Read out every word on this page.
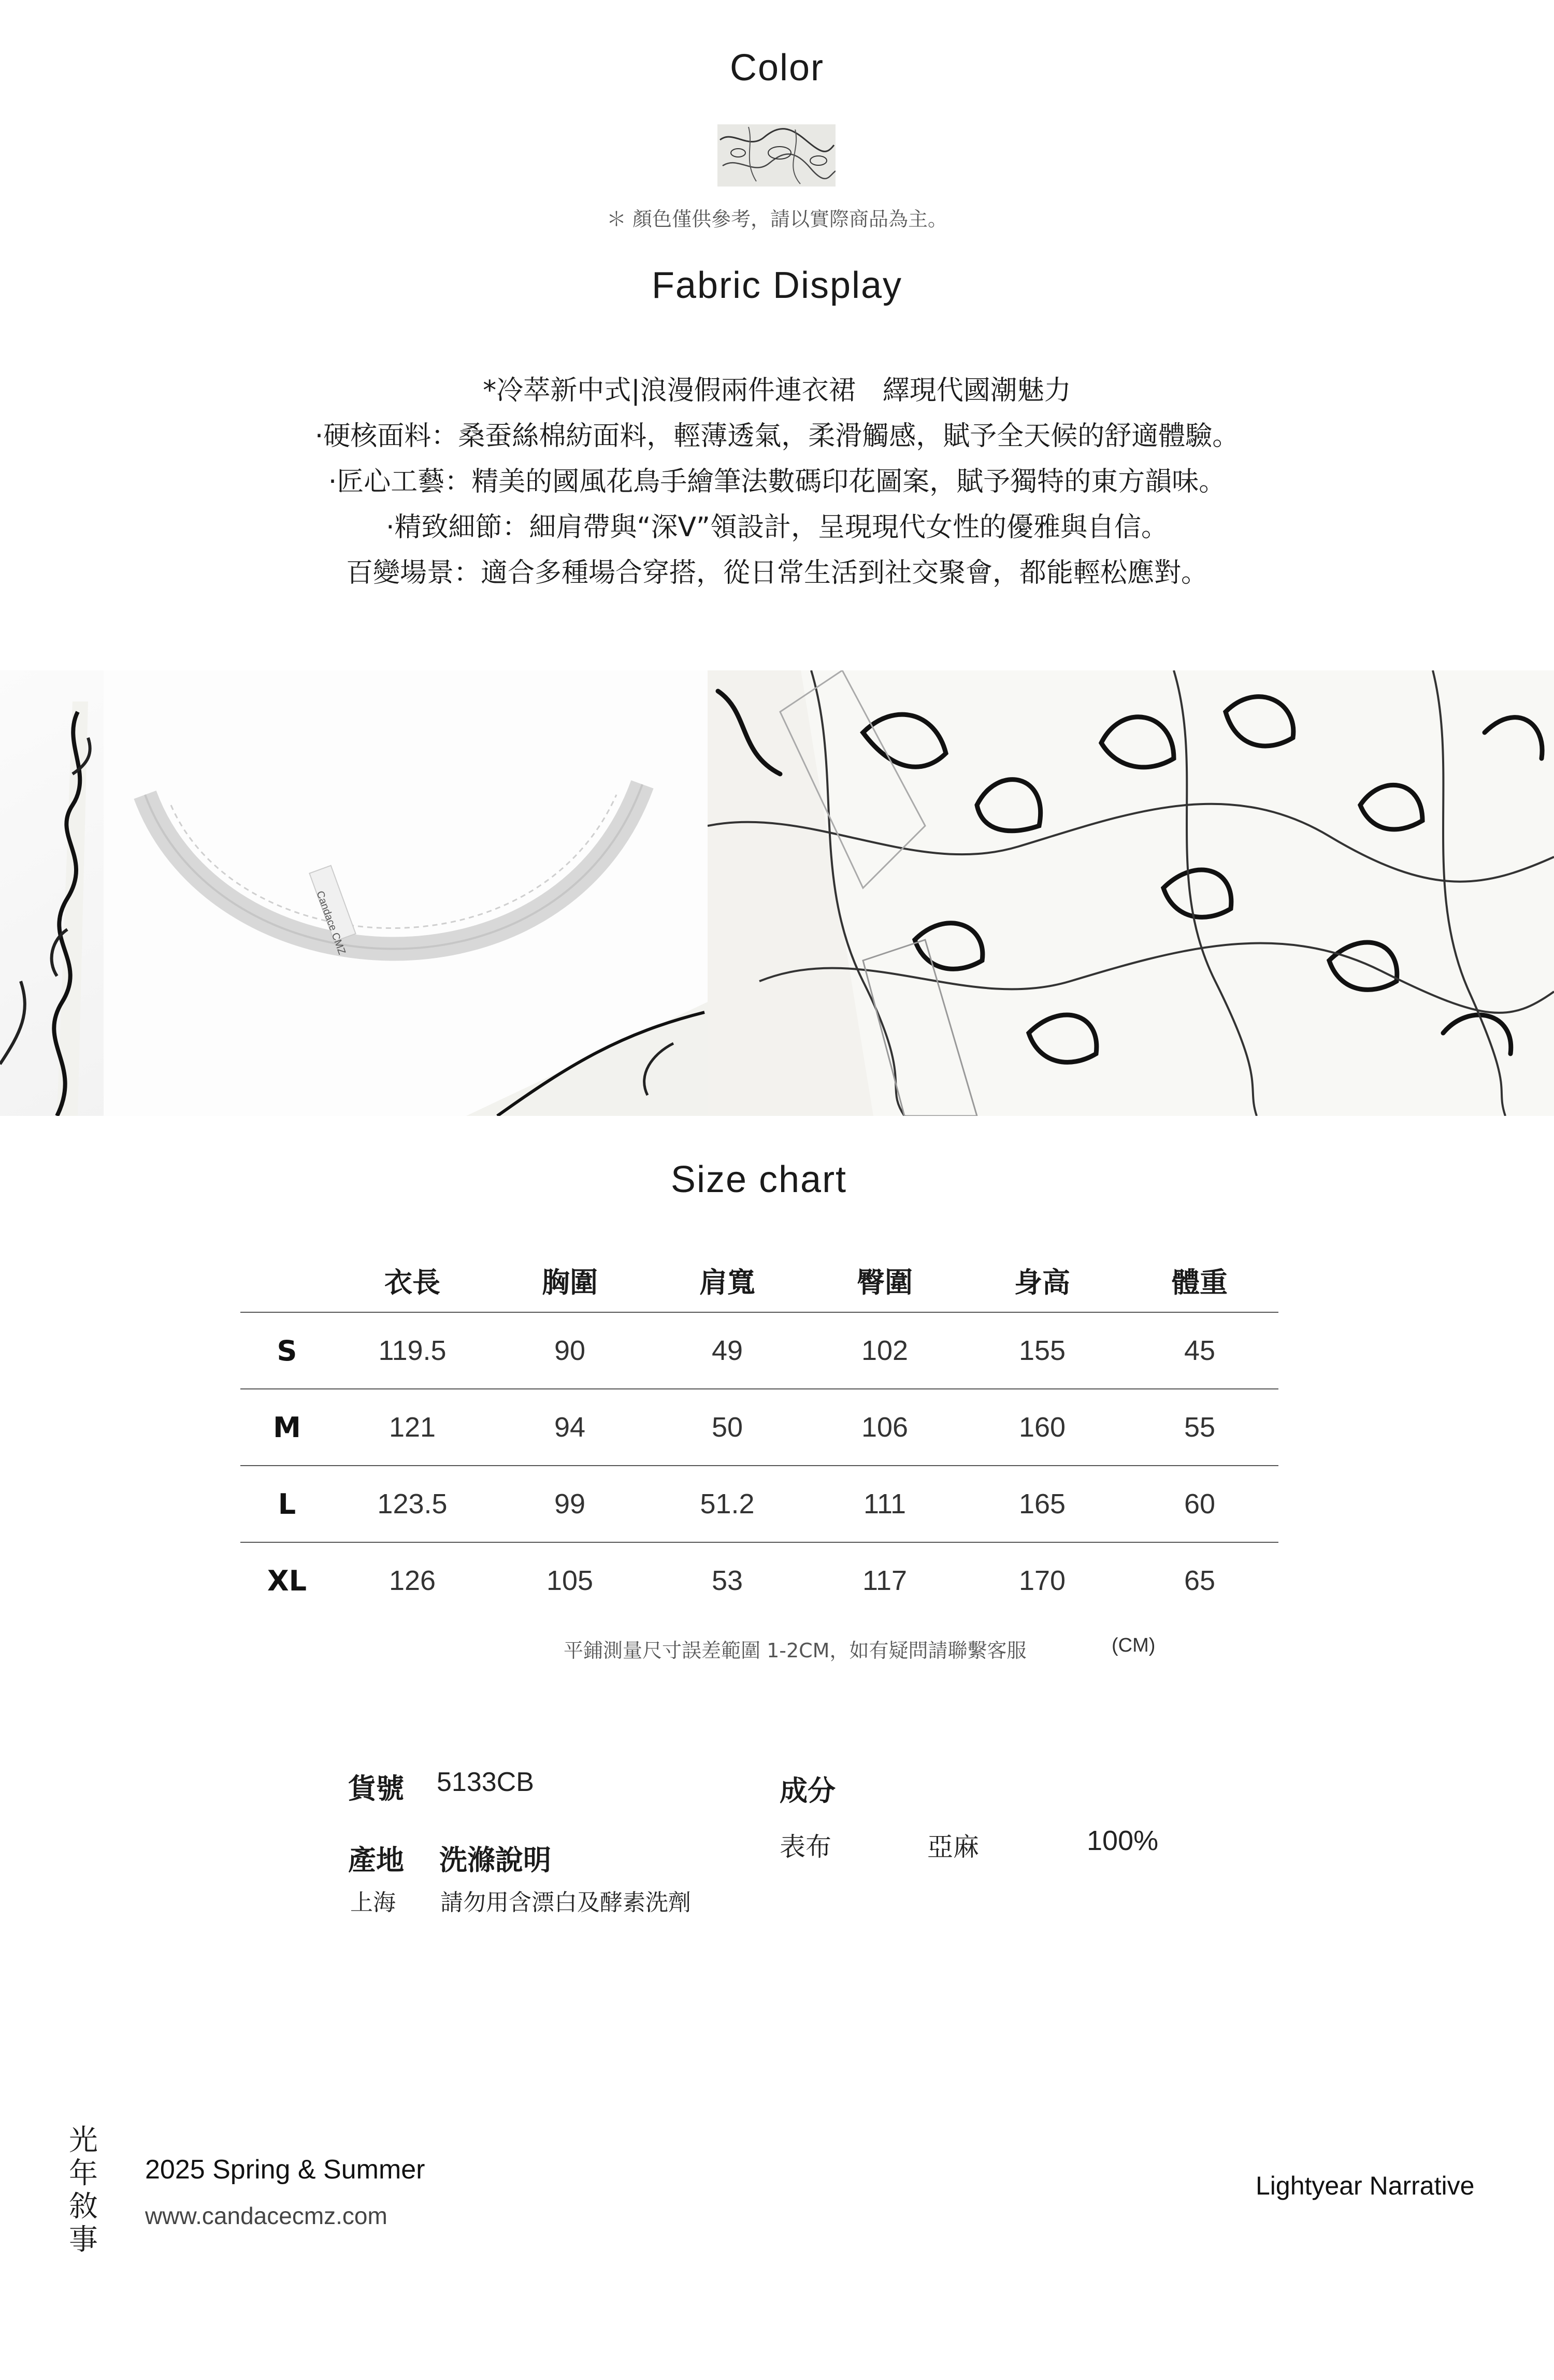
Color
＊ 顏色僅供參考，請以實際商品為主。
Fabric Display
*冷萃新中式|浪漫假兩件連衣裙　繹現代國潮魅力
·硬核面料：桑蚕絲棉紡面料，輕薄透氣，柔滑觸感，賦予全天候的舒適體驗。
·匠心工藝：精美的國風花鳥手繪筆法數碼印花圖案，賦予獨特的東方韻味。
·精致細節：細肩帶與“深V”領設計，呈現現代女性的優雅與自信。
百變場景：適合多種場合穿搭，從日常生活到社交聚會，都能輕松應對。
Candace CMZ
Size chart
	衣長	胸圍	肩寬	臀圍	身高	體重
S	119.5	90	49	102	155	45
M	121	94	50	106	160	55
L	123.5	99	51.2	111	165	60
XL	126	105	53	117	170	65
平鋪測量尺寸誤差範圍 1-2CM，如有疑問請聯繫客服	(CM)
貨號 5133CB
產地 洗滌說明
上海 請勿用含漂白及酵素洗劑
成分
表布	亞麻	100%
光
年
敘
事
2025 Spring & Summer
www.candacecmz.com
Lightyear Narrative
